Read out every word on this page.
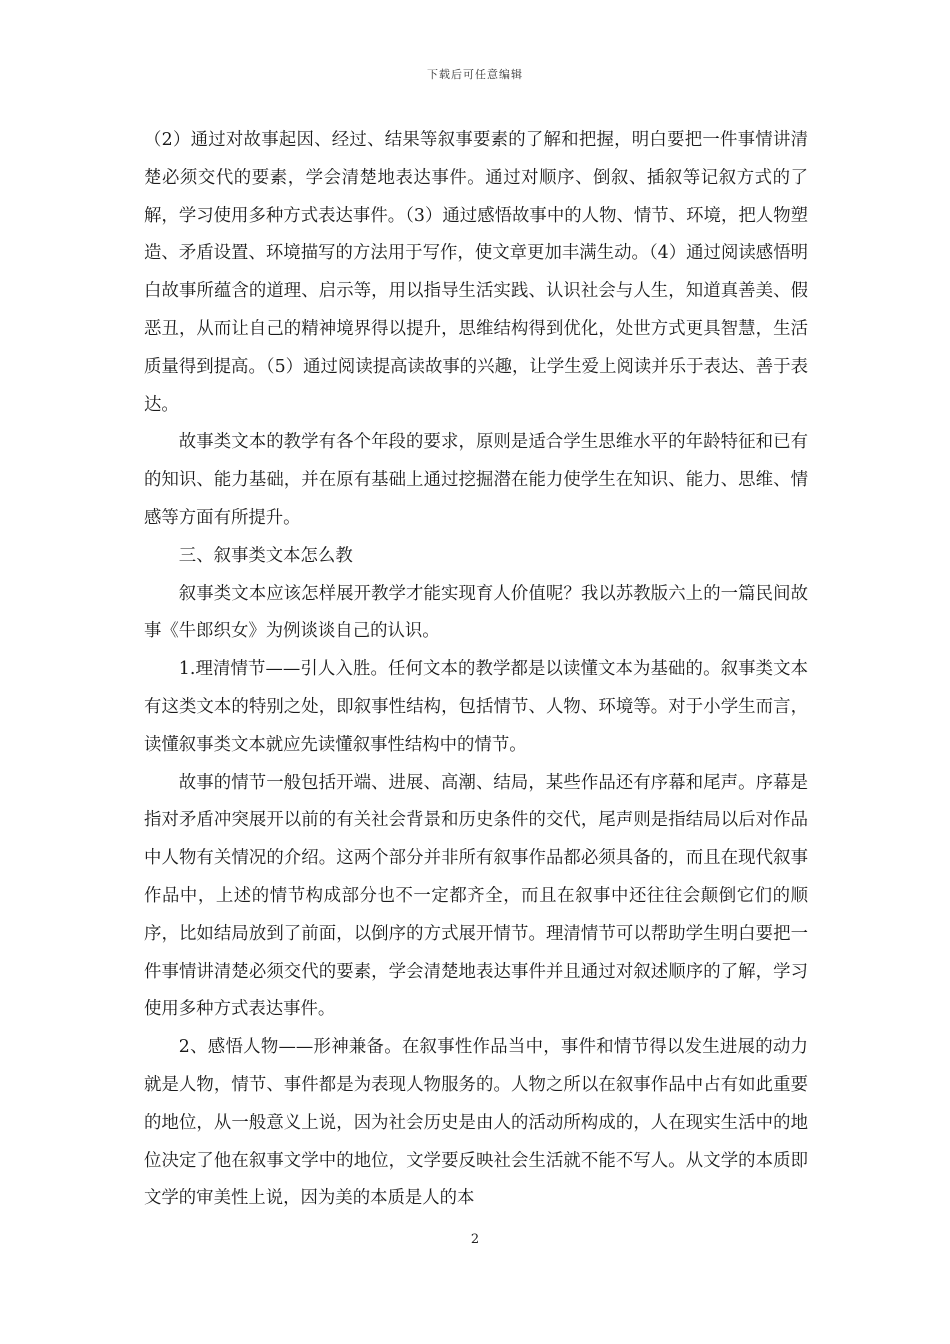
下载后可任意编辑

（2）通过对故事起因、经过、结果等叙事要素的了解和把握，明白要把一件事情讲清楚必须交代的要素，学会清楚地表达事件。通过对顺序、倒叙、插叙等记叙方式的了解，学习使用多种方式表达事件。（3）通过感悟故事中的人物、情节、环境，把人物塑造、矛盾设置、环境描写的方法用于写作，使文章更加丰满生动。（4）通过阅读感悟明白故事所蕴含的道理、启示等，用以指导生活实践、认识社会与人生，知道真善美、假恶丑，从而让自己的精神境界得以提升，思维结构得到优化，处世方式更具智慧，生活质量得到提高。（5）通过阅读提高读故事的兴趣，让学生爱上阅读并乐于表达、善于表达。

故事类文本的教学有各个年段的要求，原则是适合学生思维水平的年龄特征和已有的知识、能力基础，并在原有基础上通过挖掘潜在能力使学生在知识、能力、思维、情感等方面有所提升。

三、叙事类文本怎么教

叙事类文本应该怎样展开教学才能实现育人价值呢？我以苏教版六上的一篇民间故事《牛郎织女》为例谈谈自己的认识。

1.理清情节——引人入胜。任何文本的教学都是以读懂文本为基础的。叙事类文本有这类文本的特别之处，即叙事性结构，包括情节、人物、环境等。对于小学生而言，读懂叙事类文本就应先读懂叙事性结构中的情节。

故事的情节一般包括开端、进展、高潮、结局，某些作品还有序幕和尾声。序幕是指对矛盾冲突展开以前的有关社会背景和历史条件的交代，尾声则是指结局以后对作品中人物有关情况的介绍。这两个部分并非所有叙事作品都必须具备的，而且在现代叙事作品中，上述的情节构成部分也不一定都齐全，而且在叙事中还往往会颠倒它们的顺序，比如结局放到了前面，以倒序的方式展开情节。理清情节可以帮助学生明白要把一件事情讲清楚必须交代的要素，学会清楚地表达事件并且通过对叙述顺序的了解，学习使用多种方式表达事件。

2、感悟人物——形神兼备。在叙事性作品当中，事件和情节得以发生进展的动力就是人物，情节、事件都是为表现人物服务的。人物之所以在叙事作品中占有如此重要的地位，从一般意义上说，因为社会历史是由人的活动所构成的，人在现实生活中的地位决定了他在叙事文学中的地位，文学要反映社会生活就不能不写人。从文学的本质即文学的审美性上说，因为美的本质是人的本

2
